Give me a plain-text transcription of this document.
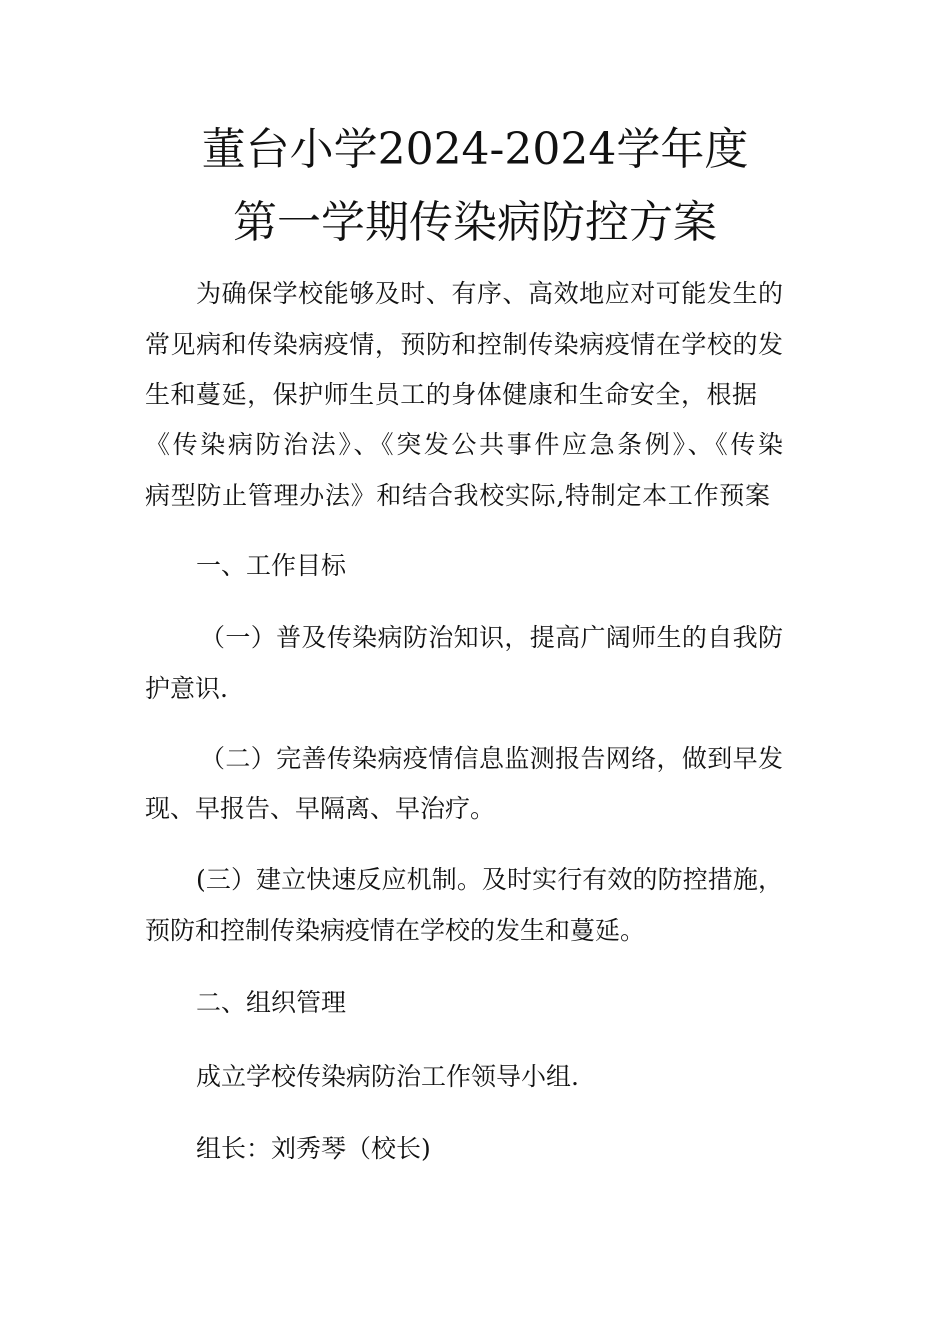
董台小学2024-2024学年度
第一学期传染病防控方案

为确保学校能够及时、有序、高效地应对可能发生的

常见病和传染病疫情，预防和控制传染病疫情在学校的发

生和蔓延，保护师生员工的身体健康和生命安全，根据

《传染病防治法》、《突发公共事件应急条例》、《传染

病型防止管理办法》和结合我校实际,特制定本工作预案

一、工作目标

（一）普及传染病防治知识，提高广阔师生的自我防

护意识.

（二）完善传染病疫情信息监测报告网络，做到早发

现、早报告、早隔离、早治疗。

(三）建立快速反应机制。及时实行有效的防控措施，

预防和控制传染病疫情在学校的发生和蔓延。

二、组织管理

成立学校传染病防治工作领导小组.

组长：刘秀琴（校长)
